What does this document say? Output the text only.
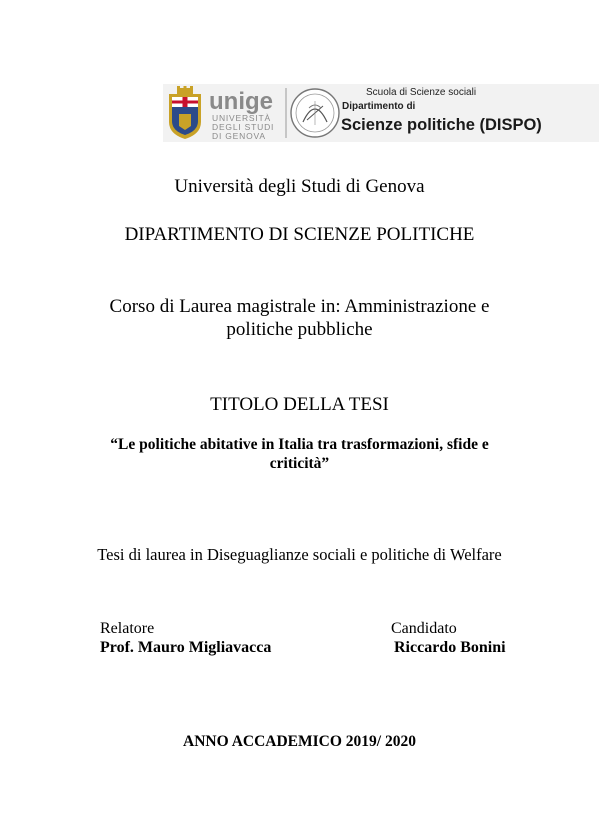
unige
UNIVERSITÀ
DEGLI STUDI
DI GENOVA
Scuola di Scienze sociali
Dipartimento di
Scienze politiche (DISPO)
Università degli Studi di Genova
DIPARTIMENTO DI SCIENZE POLITICHE
Corso di Laurea magistrale in: Amministrazione e
politiche pubbliche
TITOLO DELLA TESI
“Le politiche abitative in Italia tra trasformazioni, sfide e
criticità”
Tesi di laurea in Diseguaglianze sociali e politiche di Welfare
Relatore
Prof. Mauro Migliavacca
Candidato
Riccardo Bonini
ANNO ACCADEMICO 2019/ 2020
